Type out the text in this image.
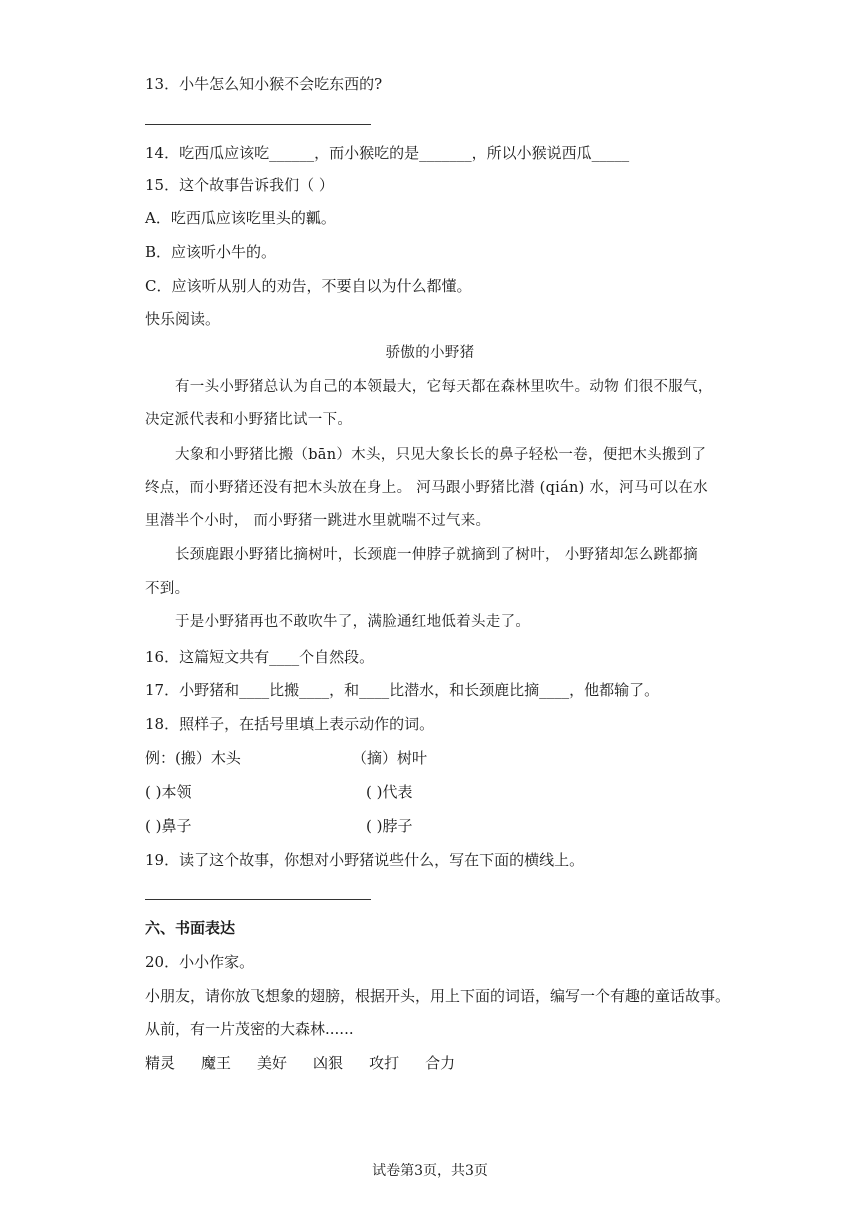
13．小牛怎么知小猴不会吃东西的?
14．吃西瓜应该吃______，而小猴吃的是_______，所以小猴说西瓜_____
15．这个故事告诉我们（ ）
A．吃西瓜应该吃里头的瓤。
B．应该听小牛的。
C．应该听从别人的劝告，不要自以为什么都懂。
快乐阅读。
骄傲的小野猪
有一头小野猪总认为自己的本领最大，它每天都在森林里吹牛。动物 们很不服气，
决定派代表和小野猪比试一下。
大象和小野猪比搬（bān）木头，只见大象长长的鼻子轻松一卷，便把木头搬到了
终点，而小野猪还没有把木头放在身上。 河马跟小野猪比潜 (qián) 水，河马可以在水
里潜半个小时， 而小野猪一跳进水里就喘不过气来。
长颈鹿跟小野猪比摘树叶，长颈鹿一伸脖子就摘到了树叶， 小野猪却怎么跳都摘
不到。
于是小野猪再也不敢吹牛了，满脸通红地低着头走了。
16．这篇短文共有____个自然段。
17．小野猪和____比搬____，和____比潜水，和长颈鹿比摘____，他都输了。
18．照样子，在括号里填上表示动作的词。
例：(搬）木头	（摘）树叶
( )本领	( )代表
( )鼻子	( )脖子
19．读了这个故事，你想对小野猪说些什么，写在下面的横线上。
六、书面表达
20．小小作家。
小朋友，请你放飞想象的翅膀，根据开头，用上下面的词语，编写一个有趣的童话故事。
从前，有一片茂密的大森林......
精灵 魔王 美好 凶狠 攻打 合力
试卷第3页，共3页
